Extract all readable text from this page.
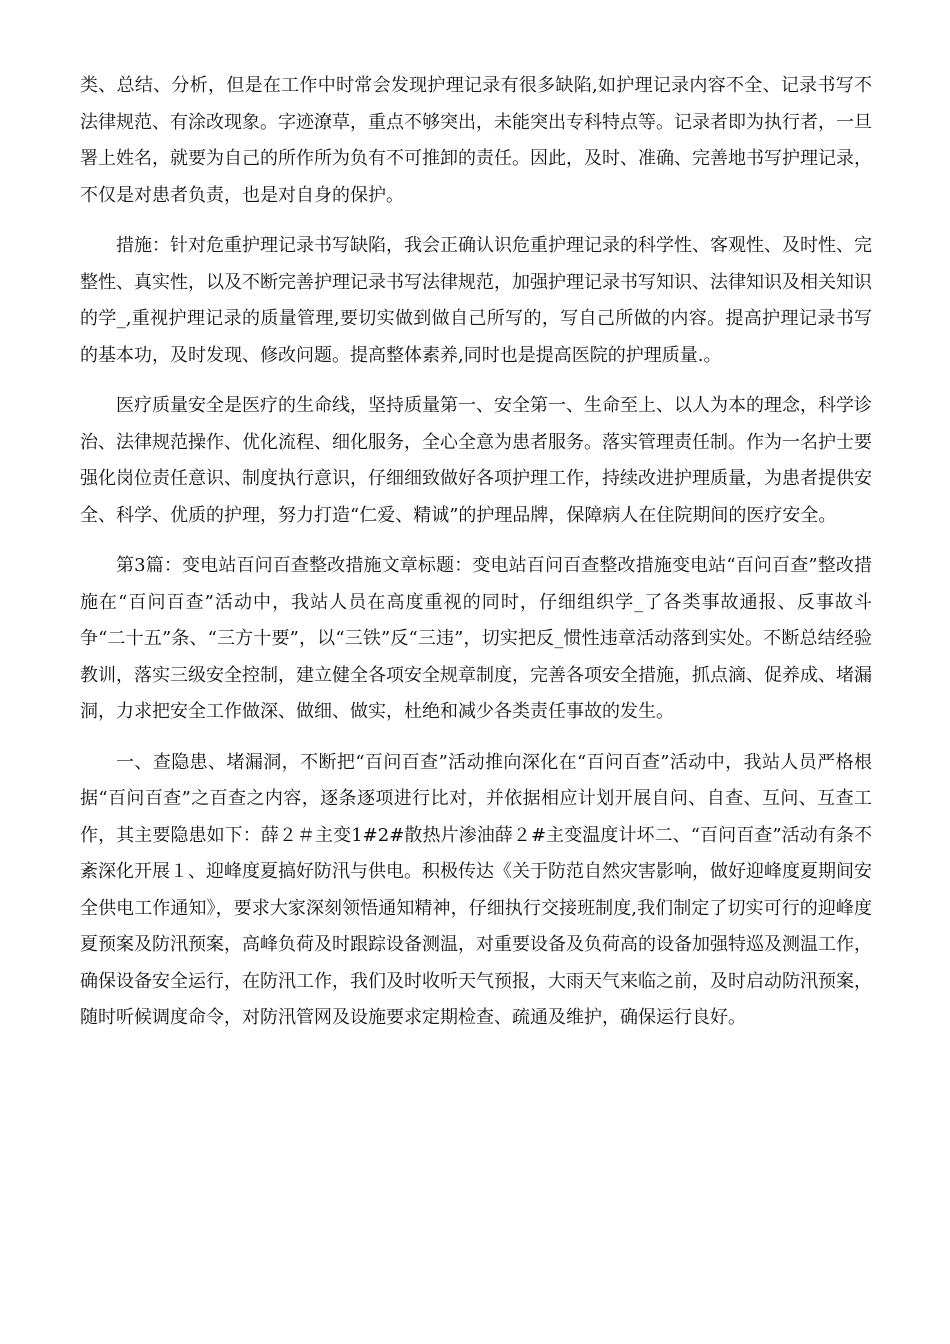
类、总结、分析，但是在工作中时常会发现护理记录有很多缺陷,如护理记录内容不全、记录书写不法律规范、有涂改现象。字迹潦草，重点不够突出，未能突出专科特点等。记录者即为执行者，一旦署上姓名，就要为自己的所作所为负有不可推卸的责任。因此，及时、准确、完善地书写护理记录，不仅是对患者负责，也是对自身的保护。

措施：针对危重护理记录书写缺陷，我会正确认识危重护理记录的科学性、客观性、及时性、完整性、真实性，以及不断完善护理记录书写法律规范，加强护理记录书写知识、法律知识及相关知识的学_,重视护理记录的质量管理,要切实做到做自己所写的，写自己所做的内容。提高护理记录书写的基本功，及时发现、修改问题。提高整体素养,同时也是提高医院的护理质量.。

医疗质量安全是医疗的生命线，坚持质量第一、安全第一、生命至上、以人为本的理念，科学诊治、法律规范操作、优化流程、细化服务，全心全意为患者服务。落实管理责任制。作为一名护士要强化岗位责任意识、制度执行意识，仔细细致做好各项护理工作，持续改进护理质量，为患者提供安全、科学、优质的护理，努力打造“仁爱、精诚”的护理品牌，保障病人在住院期间的医疗安全。

第3篇：变电站百问百查整改措施文章标题：变电站百问百查整改措施变电站“百问百查”整改措施在“百问百查”活动中，我站人员在高度重视的同时，仔细组织学_了各类事故通报、反事故斗争“二十五”条、“三方十要”，以“三铁”反“三违”，切实把反_惯性违章活动落到实处。不断总结经验教训，落实三级安全控制，建立健全各项安全规章制度，完善各项安全措施，抓点滴、促养成、堵漏洞，力求把安全工作做深、做细、做实，杜绝和减少各类责任事故的发生。

一、查隐患、堵漏洞，不断把“百问百查”活动推向深化在“百问百查”活动中，我站人员严格根据“百问百查”之百查之内容，逐条逐项进行比对，并依据相应计划开展自问、自查、互问、互查工作，其主要隐患如下：薛２＃主变1#2#散热片渗油薛２#主变温度计坏二、“百问百查”活动有条不紊深化开展１、迎峰度夏搞好防汛与供电。积极传达《关于防范自然灾害影响，做好迎峰度夏期间安全供电工作通知》，要求大家深刻领悟通知精神，仔细执行交接班制度,我们制定了切实可行的迎峰度夏预案及防汛预案，高峰负荷及时跟踪设备测温，对重要设备及负荷高的设备加强特巡及测温工作，确保设备安全运行，在防汛工作，我们及时收听天气预报，大雨天气来临之前，及时启动防汛预案，随时听候调度命令，对防汛管网及设施要求定期检查、疏通及维护，确保运行良好。
